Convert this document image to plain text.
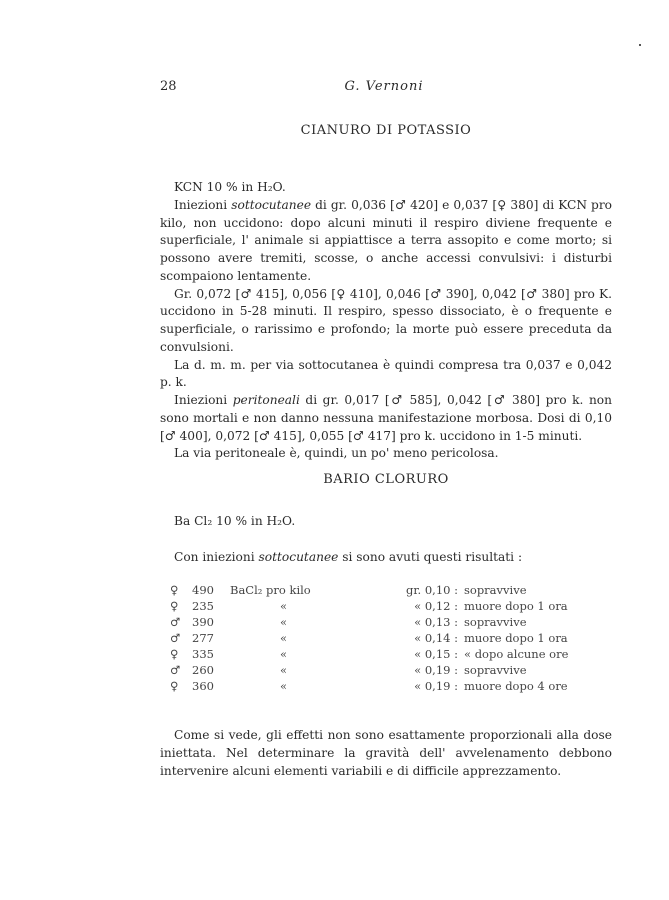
28	G. Vernoni
CIANURO DI POTASSIO

KCN 10 % in H₂O.

Iniezioni sottocutanee di gr. 0,036 [♂ 420] e 0,037 [♀ 380] di KCN pro kilo, non uccidono: dopo alcuni minuti il respiro diviene frequente e superficiale, l' animale si appiattisce a terra assopito e come morto; si possono avere tremiti, scosse, o anche accessi convulsivi: i disturbi scompaiono lentamente.

Gr. 0,072 [♂ 415], 0,056 [♀ 410], 0,046 [♂ 390], 0,042 [♂ 380] pro K. uccidono in 5-28 minuti. Il respiro, spesso dissociato, è o frequente e superficiale, o rarissimo e profondo; la morte può essere preceduta da convulsioni.

La d. m. m. per via sottocutanea è quindi compresa tra 0,037 e 0,042 p. k.

Iniezioni peritoneali di gr. 0,017 [♂ 585], 0,042 [♂ 380] pro k. non sono mortali e non danno nessuna manifestazione morbosa. Dosi di 0,10 [♂ 400], 0,072 [♂ 415], 0,055 [♂ 417] pro k. uccidono in 1-5 minuti.

La via peritoneale è, quindi, un po' meno pericolosa.

BARIO CLORURO

Ba Cl₂ 10 % in H₂O.

Con iniezioni sottocutanee si sono avuti questi risultati :

♀	490	BaCl₂ pro kilo	gr. 0,10 : sopravvive
♀	235	«	« 0,12 : muore dopo 1 ora
♂	390	«	« 0,13 : sopravvive
♂	277	«	« 0,14 : muore dopo 1 ora
♀	335	«	« 0,15 : « dopo alcune ore
♂	260	«	« 0,19 : sopravvive
♀	360	«	« 0,19 : muore dopo 4 ore

Come si vede, gli effetti non sono esattamente proporzionali alla dose iniettata. Nel determinare la gravità dell' avvelenamento debbono intervenire alcuni elementi variabili e di difficile apprezzamento.
